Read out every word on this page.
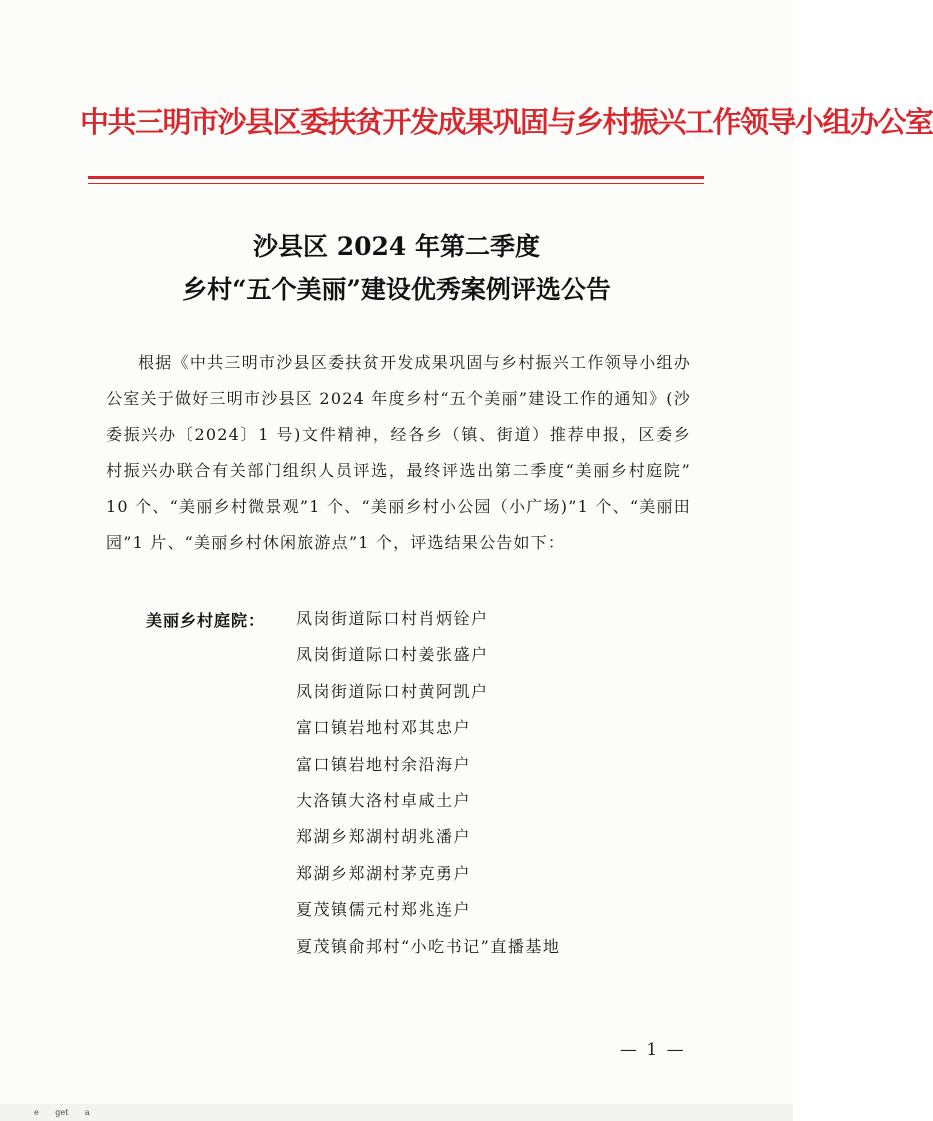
中共三明市沙县区委扶贫开发成果巩固与乡村振兴工作领导小组办公室
沙县区 2024 年第二季度
乡村“五个美丽”建设优秀案例评选公告
根据《中共三明市沙县区委扶贫开发成果巩固与乡村振兴工作领导小组办公室关于做好三明市沙县区 2024 年度乡村“五个美丽”建设工作的通知》(沙委振兴办〔2024〕1 号)文件精神，经各乡（镇、街道）推荐申报，区委乡村振兴办联合有关部门组织人员评选，最终评选出第二季度“美丽乡村庭院” 10 个、“美丽乡村微景观”1 个、“美丽乡村小公园（小广场)”1 个、“美丽田园”1 片、“美丽乡村休闲旅游点”1 个，评选结果公告如下：
美丽乡村庭院： 凤岗街道际口村肖炳铨户
凤岗街道际口村姜张盛户
凤岗街道际口村黄阿凯户
富口镇岩地村邓其忠户
富口镇岩地村余沿海户
大洛镇大洛村卓咸土户
郑湖乡郑湖村胡兆潘户
郑湖乡郑湖村茅克勇户
夏茂镇儒元村郑兆连户
夏茂镇俞邦村“小吃书记”直播基地
— 1 —
e get a
